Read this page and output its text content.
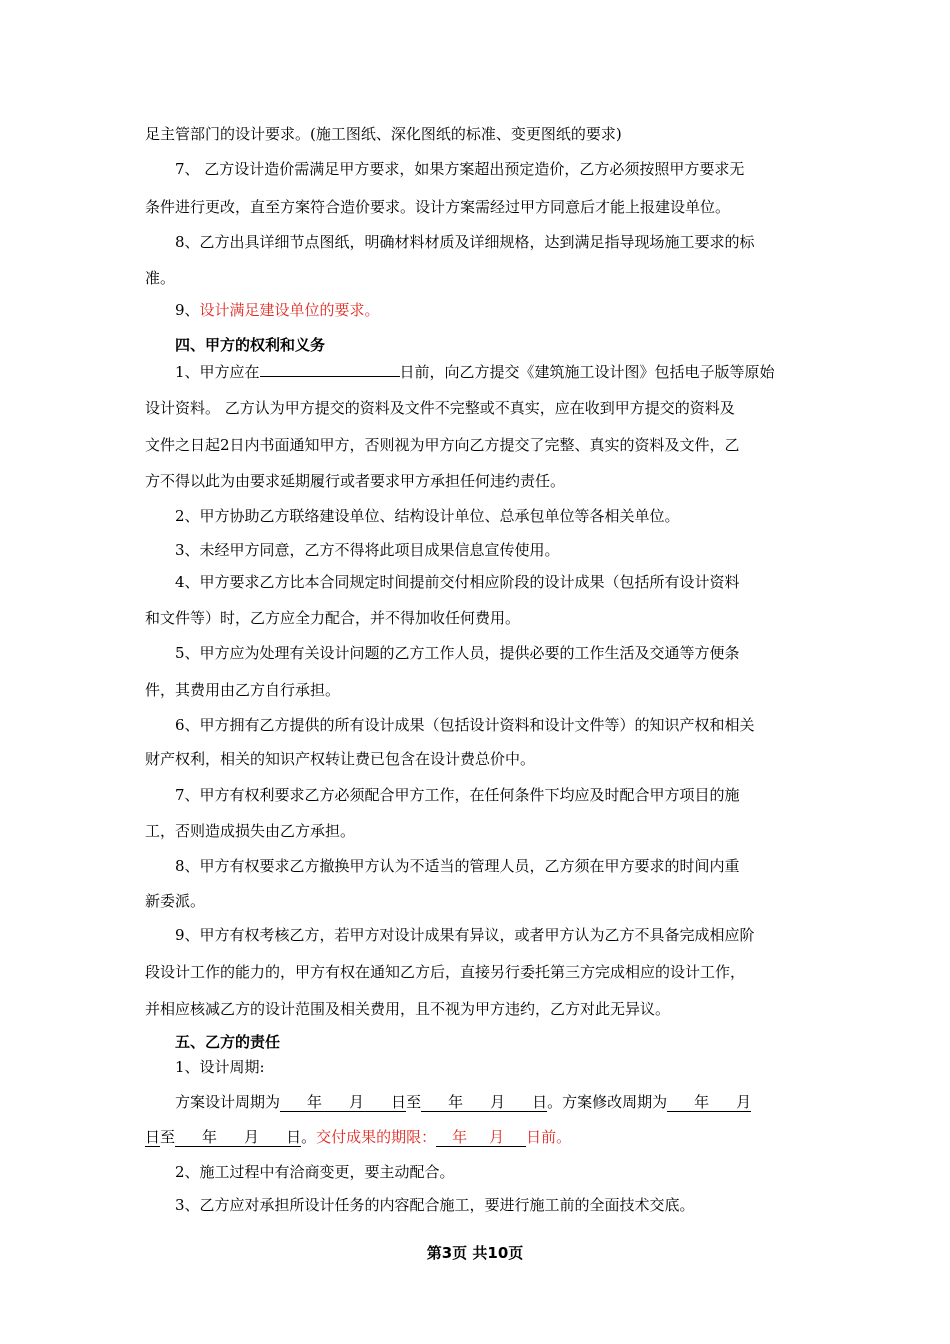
足主管部门的设计要求。(施工图纸、深化图纸的标准、变更图纸的要求)
7、 乙方设计造价需满足甲方要求，如果方案超出预定造价，乙方必须按照甲方要求无
条件进行更改，直至方案符合造价要求。设计方案需经过甲方同意后才能上报建设单位。
8、乙方出具详细节点图纸，明确材料材质及详细规格，达到满足指导现场施工要求的标
准。
9、设计满足建设单位的要求。
四、甲方的权利和义务
1、甲方应在	日前，向乙方提交《建筑施工设计图》包括电子版等原始
设计资料。 乙方认为甲方提交的资料及文件不完整或不真实，应在收到甲方提交的资料及
文件之日起2日内书面通知甲方，否则视为甲方向乙方提交了完整、真实的资料及文件，乙
方不得以此为由要求延期履行或者要求甲方承担任何违约责任。
2、甲方协助乙方联络建设单位、结构设计单位、总承包单位等各相关单位。
3、未经甲方同意，乙方不得将此项目成果信息宣传使用。
4、甲方要求乙方比本合同规定时间提前交付相应阶段的设计成果（包括所有设计资料
和文件等）时，乙方应全力配合，并不得加收任何费用。
5、甲方应为处理有关设计问题的乙方工作人员，提供必要的工作生活及交通等方便条
件，其费用由乙方自行承担。
6、甲方拥有乙方提供的所有设计成果（包括设计资料和设计文件等）的知识产权和相关
财产权利，相关的知识产权转让费已包含在设计费总价中。
7、甲方有权利要求乙方必须配合甲方工作，在任何条件下均应及时配合甲方项目的施
工，否则造成损失由乙方承担。
8、甲方有权要求乙方撤换甲方认为不适当的管理人员，乙方须在甲方要求的时间内重
新委派。
9、甲方有权考核乙方，若甲方对设计成果有异议，或者甲方认为乙方不具备完成相应阶
段设计工作的能力的，甲方有权在通知乙方后，直接另行委托第三方完成相应的设计工作，
并相应核减乙方的设计范围及相关费用，且不视为甲方违约，乙方对此无异议。
五、乙方的责任
1、设计周期:
方案设计周期为 年 月 日至 年 月 日。方案修改周期为 年 月
日至 年 月 日。交付成果的期限： 年 月 日前。
2、施工过程中有洽商变更，要主动配合。
3、乙方应对承担所设计任务的内容配合施工，要进行施工前的全面技术交底。
第3页 共10页
